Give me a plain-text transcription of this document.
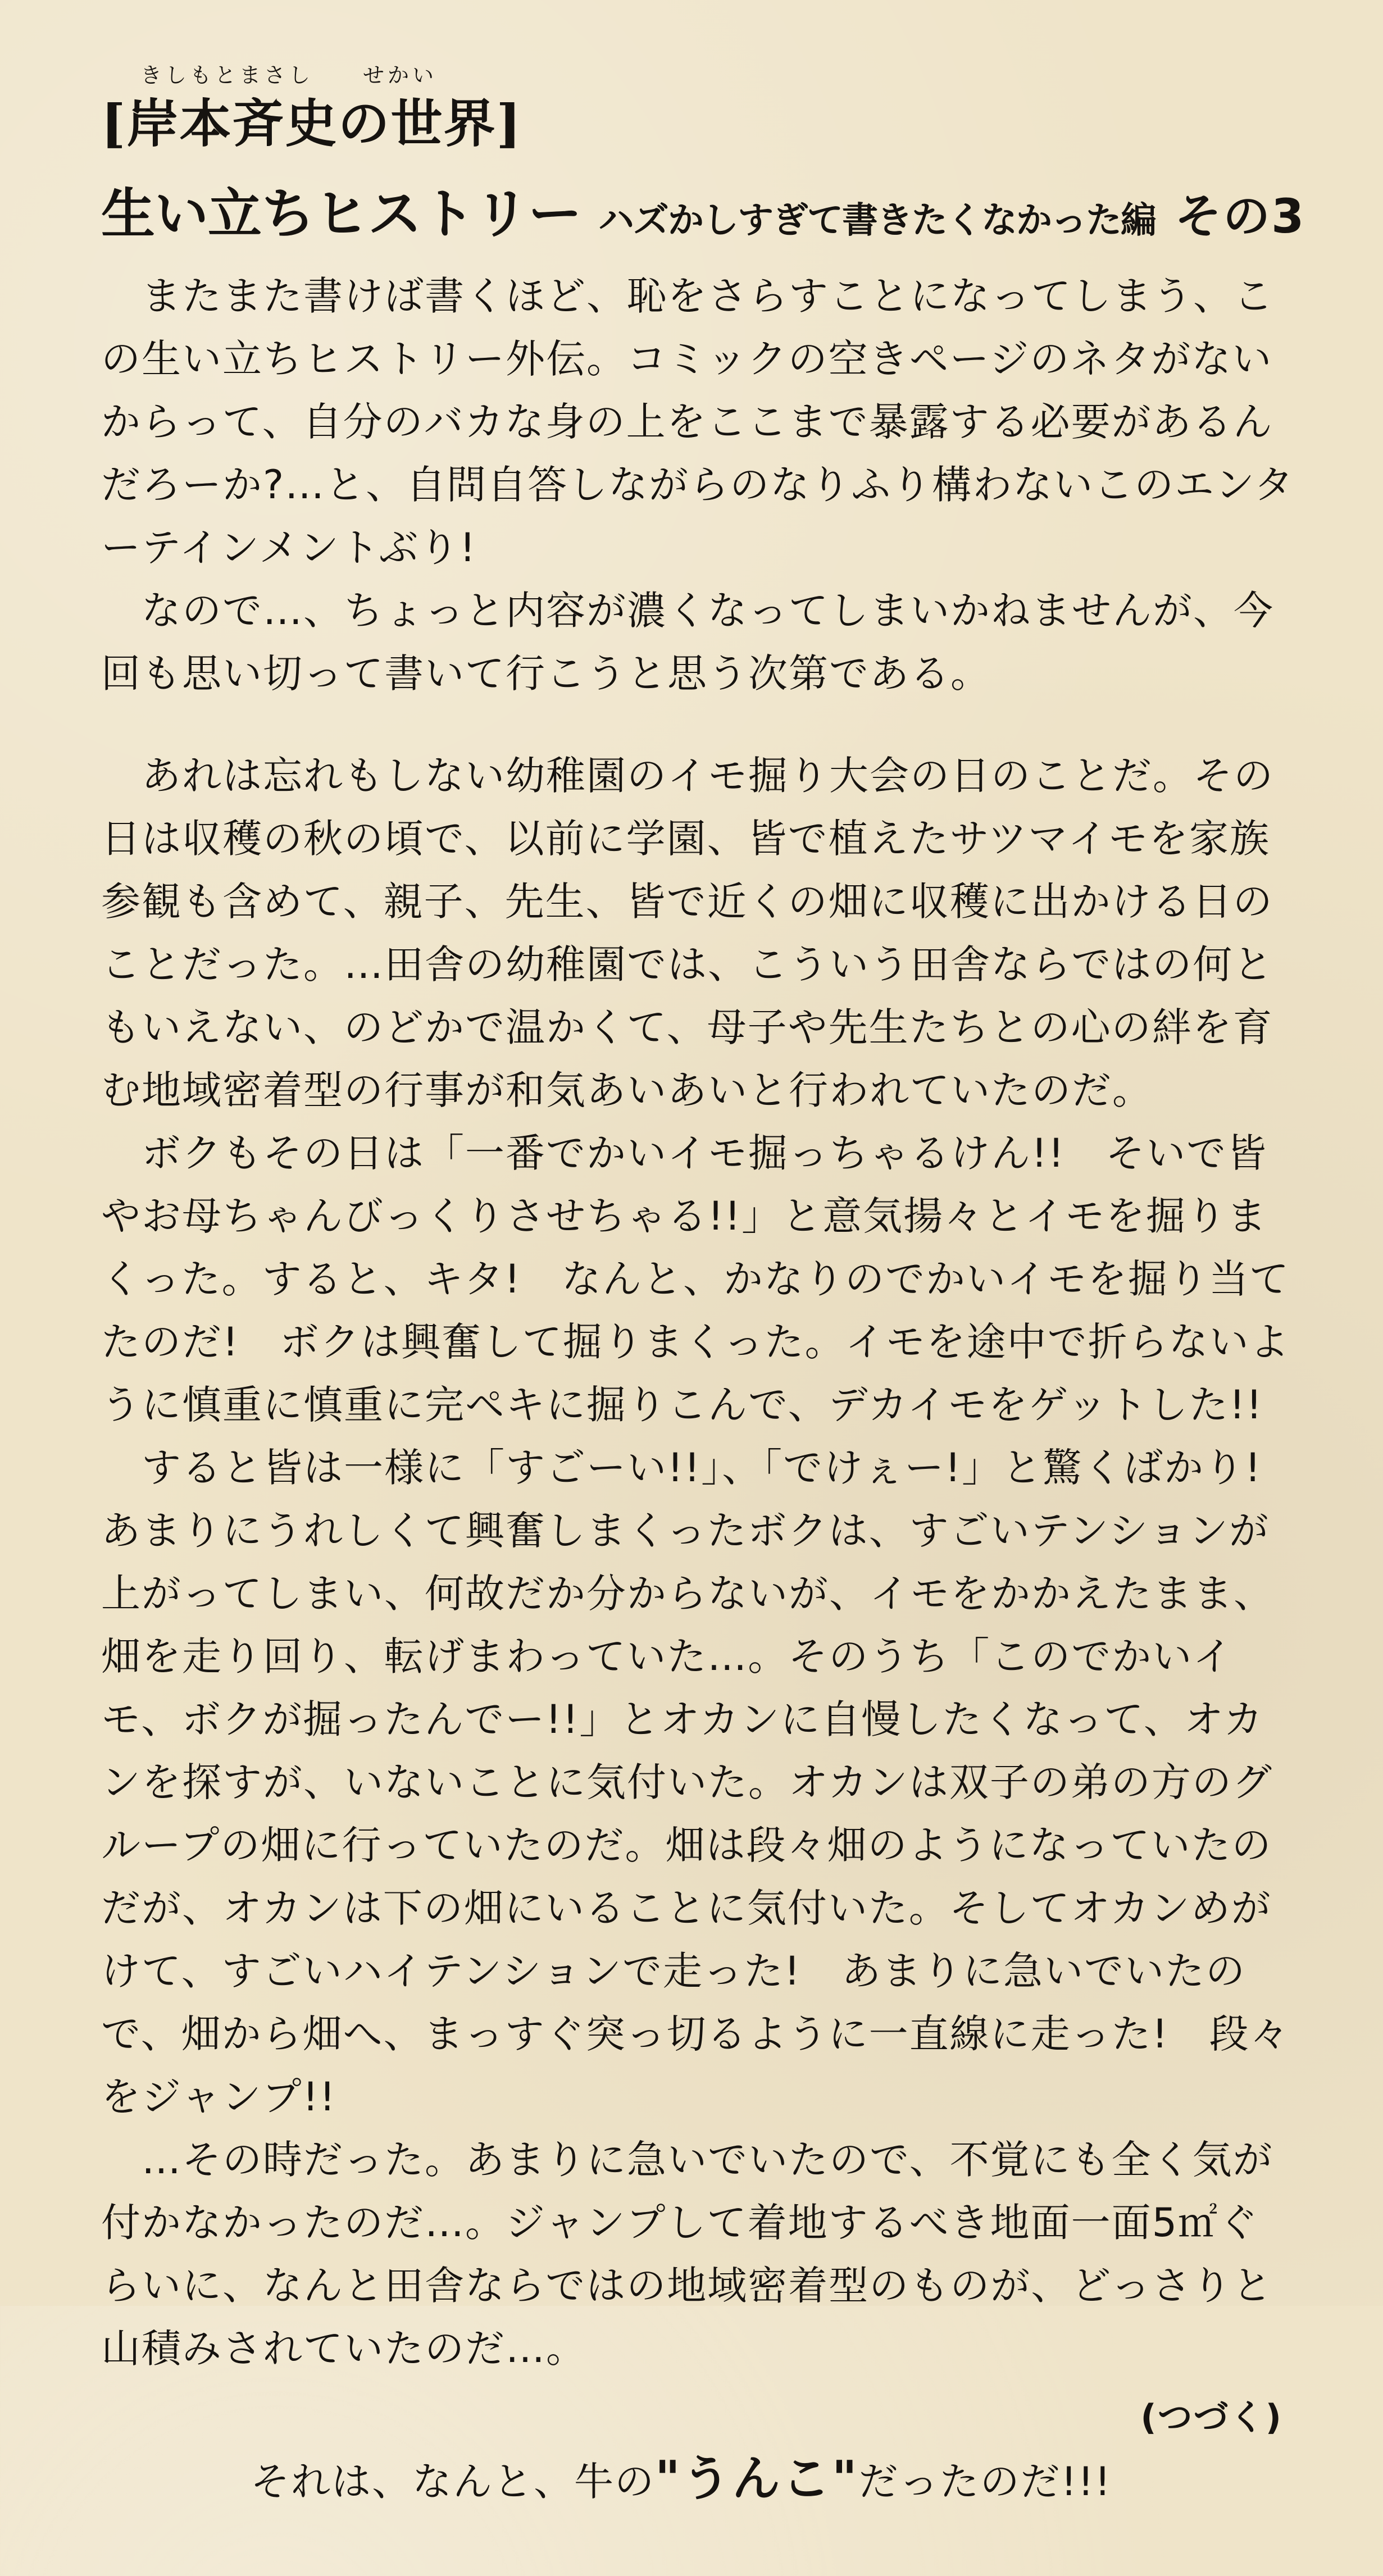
きしもとまさし　　せかい
[岸本斉史の世界]
生い立ちヒストリー ハズかしすぎて書きたくなかった編 その3

　またまた書けば書くほど、恥をさらすことになってしまう、この生い立ちヒストリー外伝。コミックの空きページのネタがないからって、自分のバカな身の上をここまで暴露する必要があるんだろーか?…と、自問自答しながらのなりふり構わないこのエンターテインメントぶり!

　なので…、ちょっと内容が濃くなってしまいかねませんが、今回も思い切って書いて行こうと思う次第である。

　あれは忘れもしない幼稚園のイモ掘り大会の日のことだ。その日は収穫の秋の頃で、以前に学園、皆で植えたサツマイモを家族参観も含めて、親子、先生、皆で近くの畑に収穫に出かける日のことだった。…田舎の幼稚園では、こういう田舎ならではの何ともいえない、のどかで温かくて、母子や先生たちとの心の絆を育む地域密着型の行事が和気あいあいと行われていたのだ。

　ボクもその日は「一番でかいイモ掘っちゃるけん!!　そいで皆やお母ちゃんびっくりさせちゃる!!」と意気揚々とイモを掘りまくった。すると、キタ!　なんと、かなりのでかいイモを掘り当てたのだ!　ボクは興奮して掘りまくった。イモを途中で折らないように慎重に慎重に完ペキに掘りこんで、デカイモをゲットした!!

　すると皆は一様に「すごーい!!」、「でけぇー!」と驚くばかり!あまりにうれしくて興奮しまくったボクは、すごいテンションが上がってしまい、何故だか分からないが、イモをかかえたまま、畑を走り回り、転げまわっていた…。そのうち「このでかいイモ、ボクが掘ったんでー!!」とオカンに自慢したくなって、オカンを探すが、いないことに気付いた。オカンは双子の弟の方のグループの畑に行っていたのだ。畑は段々畑のようになっていたのだが、オカンは下の畑にいることに気付いた。そしてオカンめがけて、すごいハイテンションで走った!　あまりに急いでいたので、畑から畑へ、まっすぐ突っ切るように一直線に走った!　段々をジャンプ!!

　…その時だった。あまりに急いでいたので、不覚にも全く気が付かなかったのだ…。ジャンプして着地するべき地面一面5㎡ぐらいに、なんと田舎ならではの地域密着型のものが、どっさりと山積みされていたのだ…。

　それは、なんと、牛の"うんこ"だったのだ!!!

(つづく)
